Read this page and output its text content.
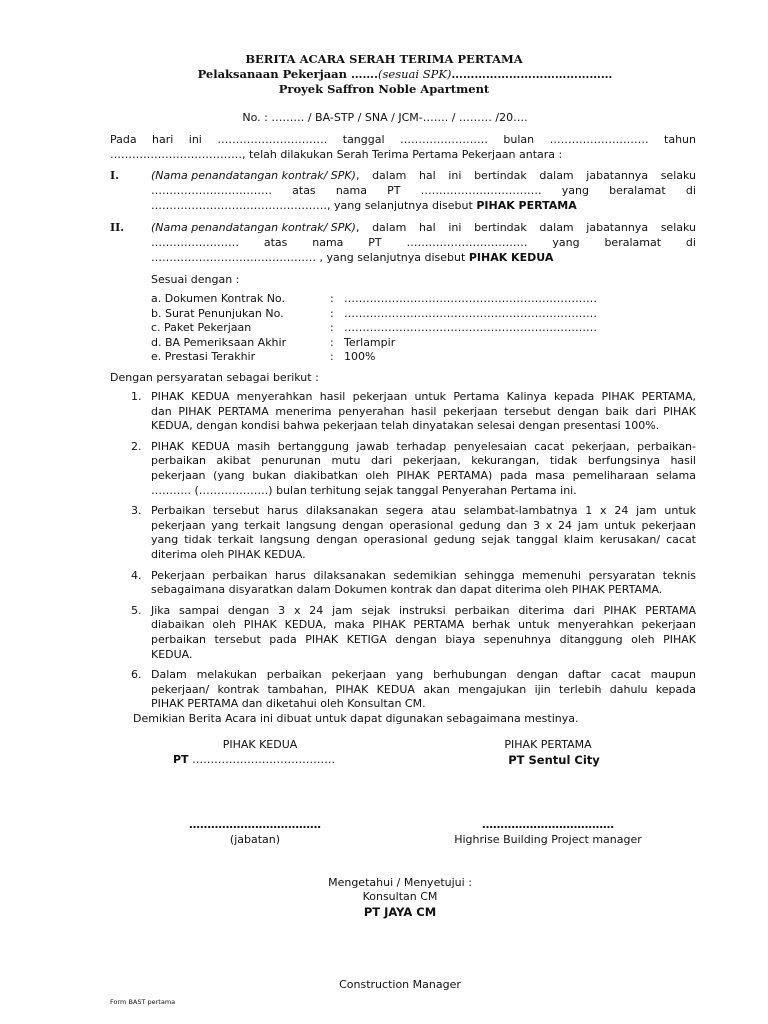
BERITA ACARA SERAH TERIMA PERTAMA
Pelaksanaan Pekerjaan …….(sesuai SPK)……………………………………
Proyek Saffron Noble Apartment
No. : ……… / BA-STP / SNA / JCM-……. / ……… /20….
Pada hari ini ………………………… tanggal …………………… bulan ……………………… tahun
………………………………, telah dilakukan Serah Terima Pertama Pekerjaan antara :
I.	(Nama penandatangan kontrak/ SPK) , dalam hal ini bertindak dalam jabatannya selaku
…………………………… atas nama PT …………………………… yang beralamat di
…………………………………………, yang selanjutnya disebut PIHAK PERTAMA
II. (Nama penandatangan kontrak/ SPK) , dalam hal ini bertindak dalam jabatannya selaku
…………………… atas nama PT …………………………… yang beralamat di
……………………………………… , yang selanjutnya disebut PIHAK KEDUA
Sesuai dengan :
a. Dokumen Kontrak No.	: ……………………………………………………………
b. Surat Penunjukan No.	: ……………………………………………………………
c. Paket Pekerjaan	: ……………………………………………………………
d. BA Pemeriksaan Akhir	: Terlampir
e. Prestasi Terakhir	: 100%
Dengan persyaratan sebagai berikut :
1. PIHAK KEDUA menyerahkan hasil pekerjaan untuk Pertama Kalinya kepada PIHAK PERTAMA,
dan PIHAK PERTAMA menerima penyerahan hasil pekerjaan tersebut dengan baik dari PIHAK
KEDUA, dengan kondisi bahwa pekerjaan telah dinyatakan selesai dengan presentasi 100%.
2. PIHAK KEDUA masih bertanggung jawab terhadap penyelesaian cacat pekerjaan, perbaikan-
perbaikan akibat penurunan mutu dari pekerjaan, kekurangan, tidak berfungsinya hasil
pekerjaan (yang bukan diakibatkan oleh PIHAK PERTAMA) pada masa pemeliharaan selama
……….. (……………….) bulan terhitung sejak tanggal Penyerahan Pertama ini.
3. Perbaikan tersebut harus dilaksanakan segera atau selambat-lambatnya 1 x 24 jam untuk
pekerjaan yang terkait langsung dengan operasional gedung dan 3 x 24 jam untuk pekerjaan
yang tidak terkait langsung dengan operasional gedung sejak tanggal klaim kerusakan/ cacat
diterima oleh PIHAK KEDUA.
4. Pekerjaan perbaikan harus dilaksanakan sedemikian sehingga memenuhi persyaratan teknis
sebagaimana disyaratkan dalam Dokumen kontrak dan dapat diterima oleh PIHAK PERTAMA.
5. Jika sampai dengan 3 x 24 jam sejak instruksi perbaikan diterima dari PIHAK PERTAMA
diabaikan oleh PIHAK KEDUA, maka PIHAK PERTAMA berhak untuk menyerahkan pekerjaan
perbaikan tersebut pada PIHAK KETIGA dengan biaya sepenuhnya ditanggung oleh PIHAK
KEDUA.
6. Dalam melakukan perbaikan pekerjaan yang berhubungan dengan daftar cacat maupun
pekerjaan/ kontrak tambahan, PIHAK KEDUA akan mengajukan ijin terlebih dahulu kepada
PIHAK PERTAMA dan diketahui oleh Konsultan CM.
Demikian Berita Acara ini dibuat untuk dapat digunakan sebagaimana mestinya.
PIHAK KEDUA
PT …………………………………
PIHAK PERTAMA
PT Sentul City
………………………………
(jabatan)
………………………………
Highrise Building Project manager
Mengetahui / Menyetujui :
Konsultan CM
PT JAYA CM
Construction Manager
Form BAST pertama
